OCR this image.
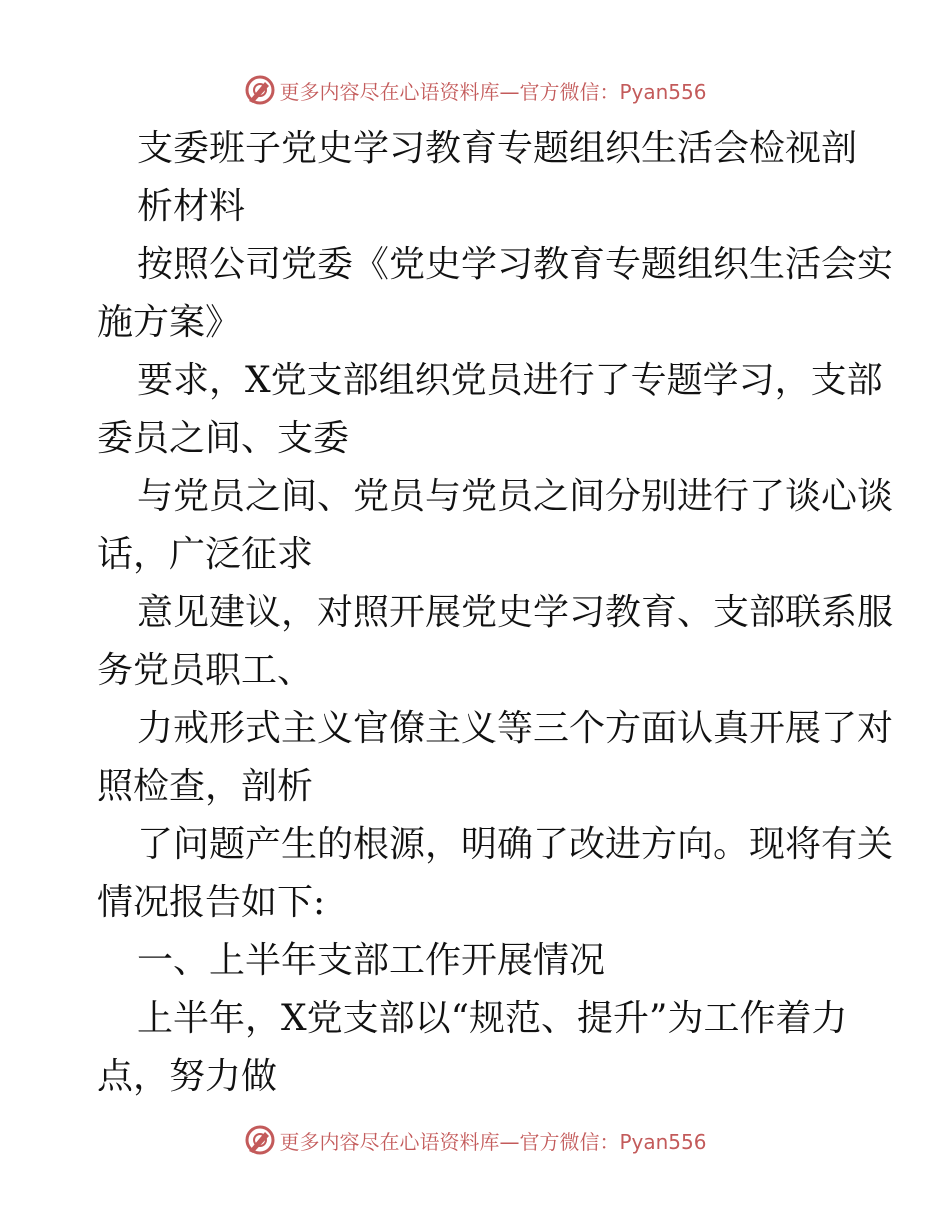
更多内容尽在心语资料库—官方微信：Pyan556

支委班子党史学习教育专题组织生活会检视剖

析材料

按照公司党委《党史学习教育专题组织生活会实

施方案》

要求，X党支部组织党员进行了专题学习，支部

委员之间、支委

与党员之间、党员与党员之间分别进行了谈心谈

话，广泛征求

意见建议，对照开展党史学习教育、支部联系服

务党员职工、

力戒形式主义官僚主义等三个方面认真开展了对

照检查，剖析

了问题产生的根源，明确了改进方向。现将有关

情况报告如下:

一、上半年支部工作开展情况

上半年，X党支部以“规范、提升”为工作着力

点，努力做

更多内容尽在心语资料库—官方微信：Pyan556
